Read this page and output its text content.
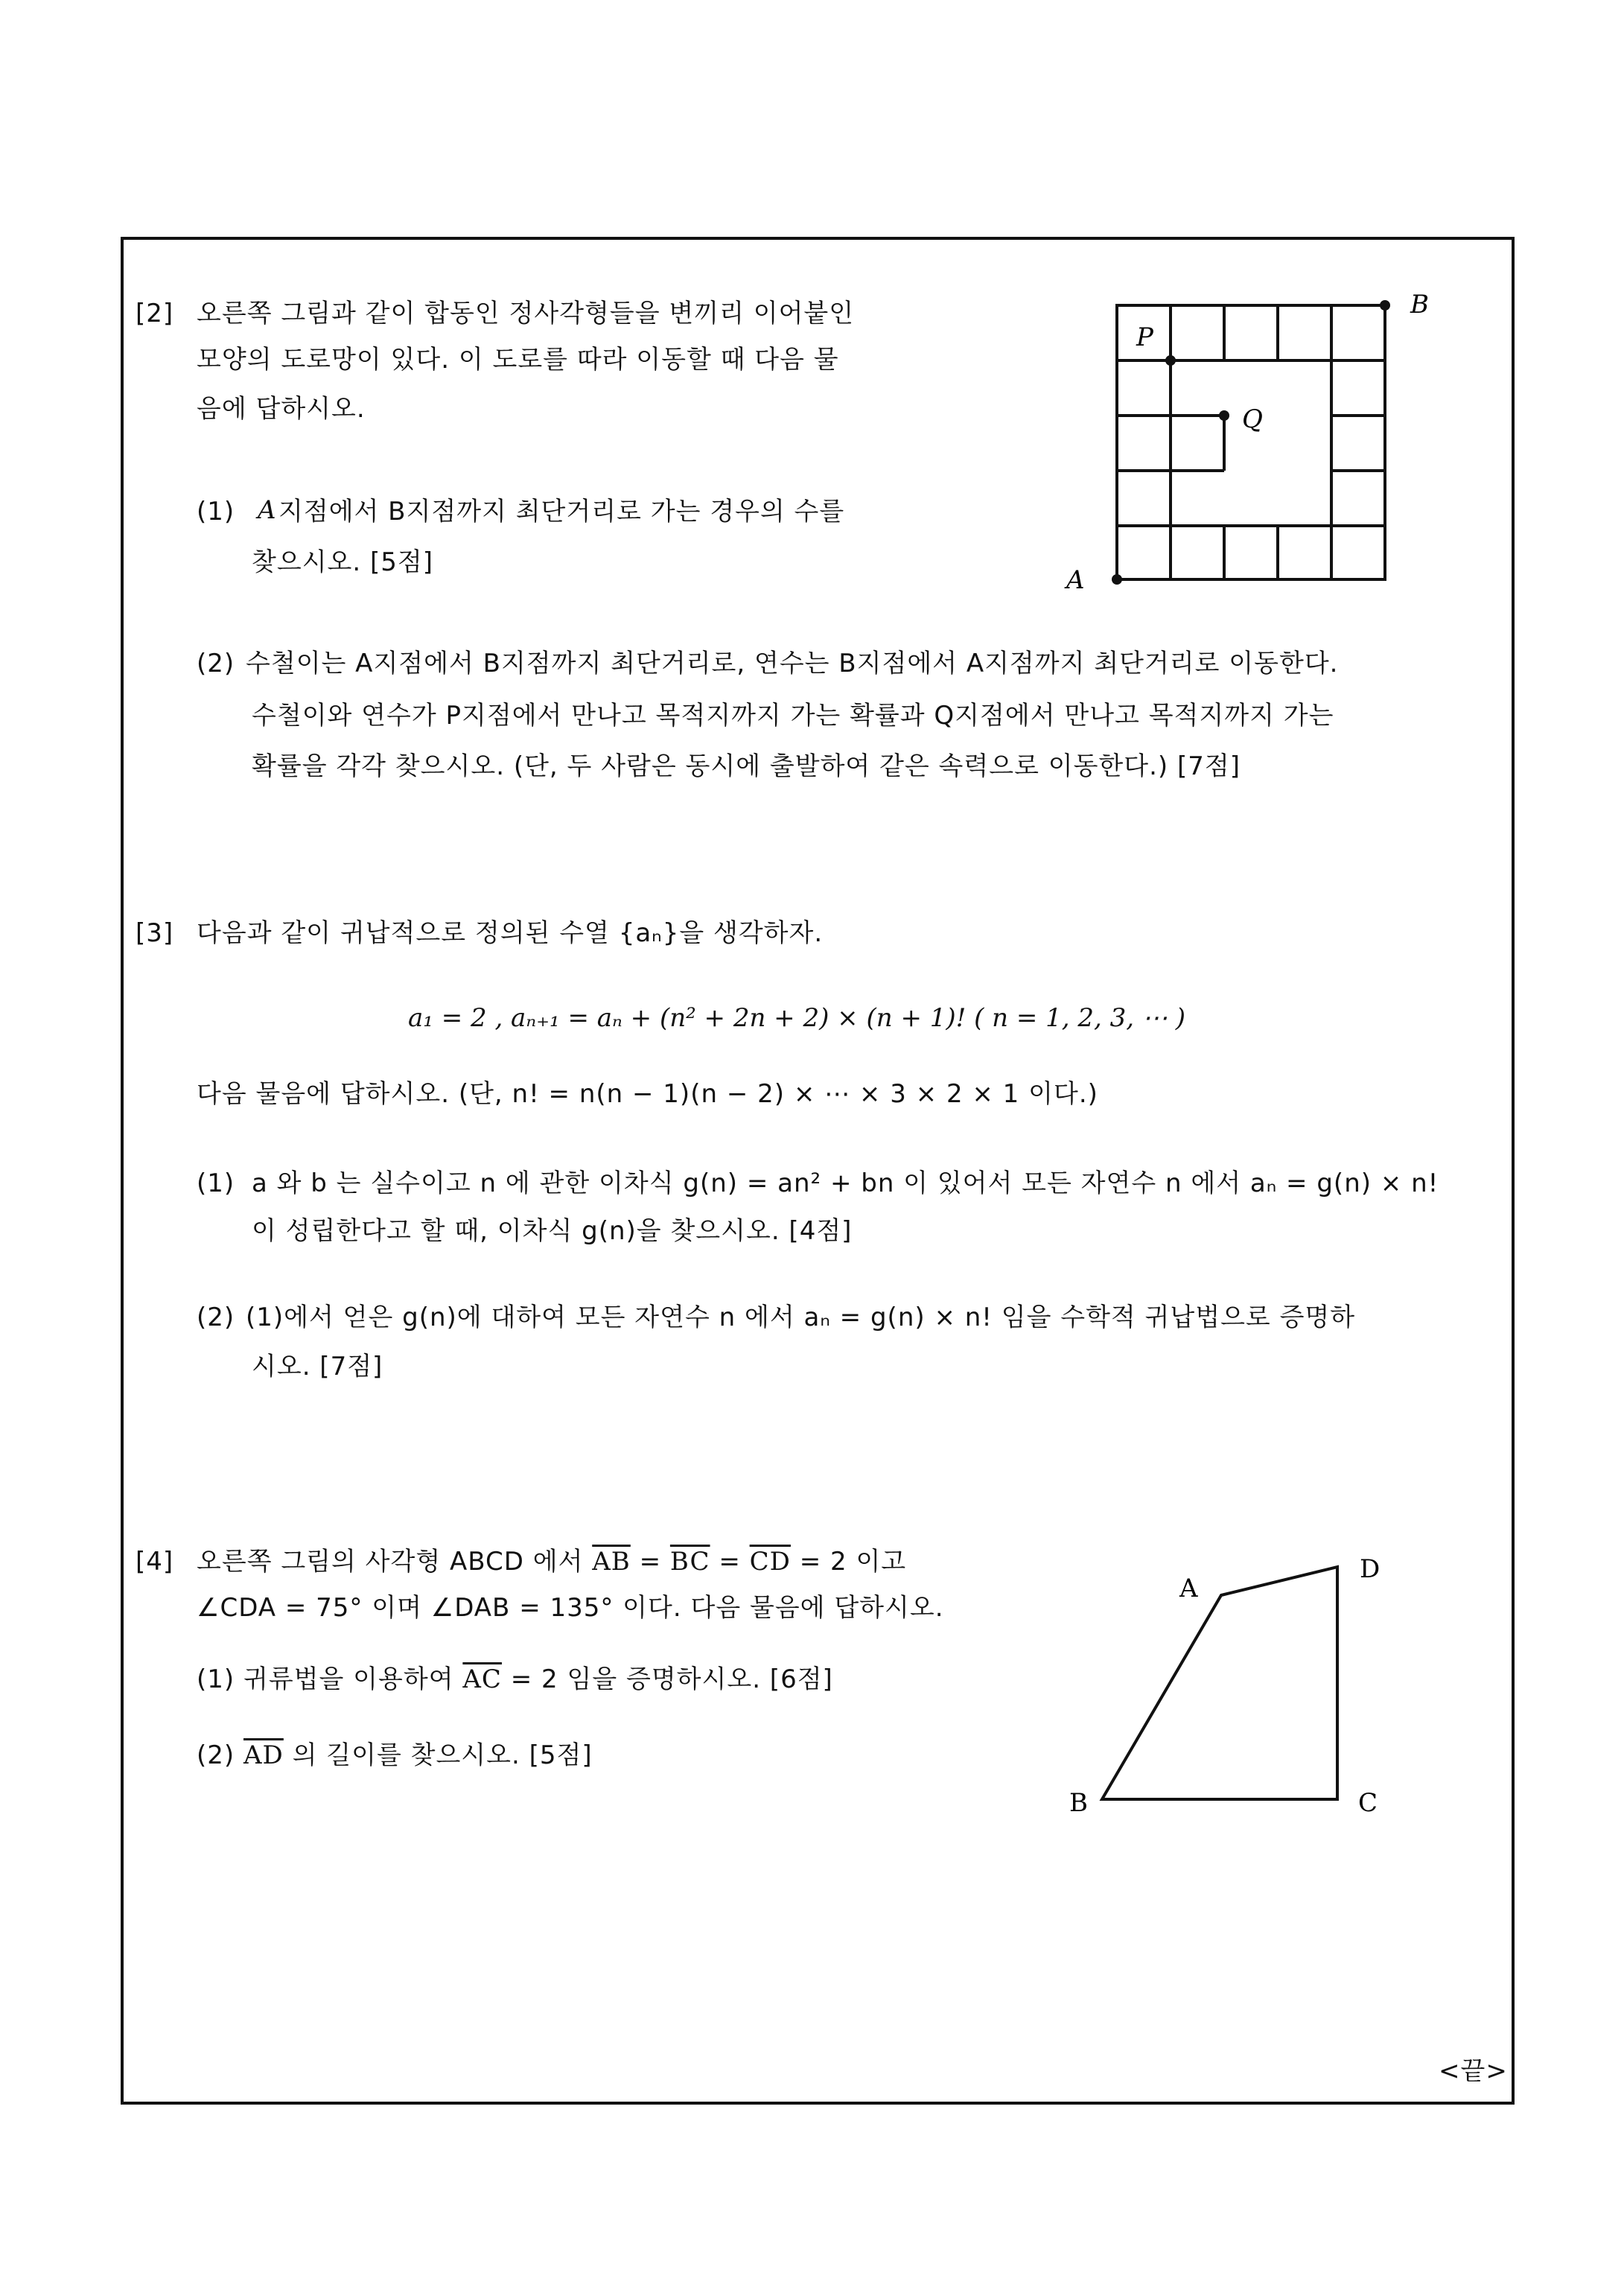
[2] 오른쪽 그림과 같이 합동인 정사각형들을 변끼리 이어붙인
모양의 도로망이 있다. 이 도로를 따라 이동할 때 다음 물
음에 답하시오.
(1) A 지점에서 B지점까지 최단거리로 가는 경우의 수를
찾으시오. [5점]
(2) 수철이는 A지점에서 B지점까지 최단거리로, 연수는 B지점에서 A지점까지 최단거리로 이동한다.
수철이와 연수가 P지점에서 만나고 목적지까지 가는 확률과 Q지점에서 만나고 목적지까지 가는
확률을 각각 찾으시오. (단, 두 사람은 동시에 출발하여 같은 속력으로 이동한다.) [7점]
A
B
P
Q
[3] 다음과 같이 귀납적으로 정의된 수열 {aₙ}을 생각하자.
a₁ = 2 , aₙ₊₁ = aₙ + (n² + 2n + 2) × (n + 1)! ( n = 1, 2, 3, ⋯ )
다음 물음에 답하시오. (단, n! = n(n − 1)(n − 2) × ⋯ × 3 × 2 × 1 이다.)
(1) a 와 b 는 실수이고 n 에 관한 이차식 g(n) = an² + bn 이 있어서 모든 자연수 n 에서 aₙ = g(n) × n!
이 성립한다고 할 때, 이차식 g(n)을 찾으시오. [4점]
(2) (1)에서 얻은 g(n)에 대하여 모든 자연수 n 에서 aₙ = g(n) × n! 임을 수학적 귀납법으로 증명하
시오. [7점]
[4] 오른쪽 그림의 사각형 ABCD 에서 $\overline{AB} = \overline{BC} = \overline{CD} = 2$ 이고
∠CDA = 75° 이며 ∠DAB = 135° 이다. 다음 물음에 답하시오.
(1) 귀류법을 이용하여 $\overline{AC} = 2$ 임을 증명하시오. [6점]
(2) $\overline{AD}$ 의 길이를 찾으시오. [5점]
A
B	C
D
<끝>
